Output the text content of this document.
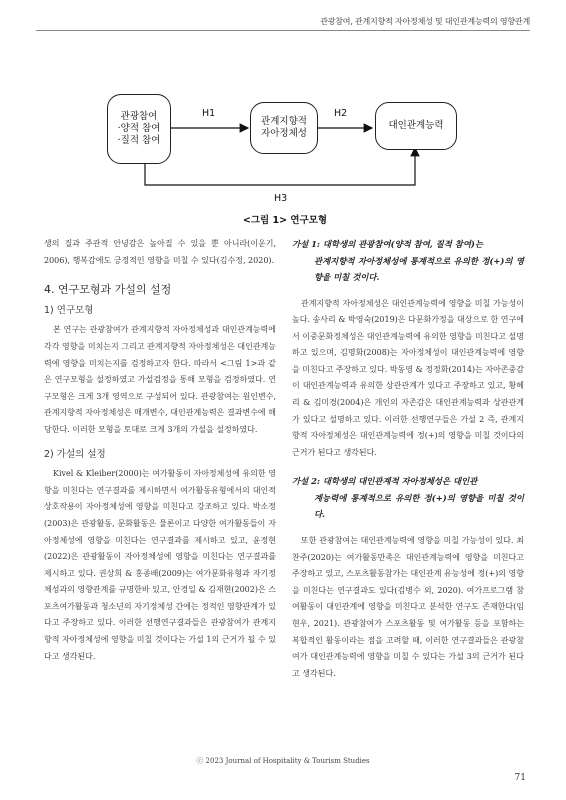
관광참여, 관계지향적 자아정체성 및 대인관계능력의 영향관계
관광참여
·양적 참여
·질적 참여
관계지향적
자아정체성
대인관계능력
H1	H2
H3
<그림 1> 연구모형

생의 질과 주관적 안녕감은 높아질 수 있을 뿐 아니라(이운기, 2006), 행복감에도 긍정적인 영향을 미칠 수 있다(김수정, 2020).

4. 연구모형과 가설의 설정
1) 연구모형

본 연구는 관광참여가 관계지향적 자아정체성과 대인관계능력에 각각 영향을 미치는지 그리고 관계지향적 자아정체성은 대인관계능력에 영향을 미치는지를 검정하고자 한다. 따라서 <그림 1>과 같은 연구모형을 설정하였고 가설검정을 통해 모형을 검정하였다. 연구모형은 크게 3개 영역으로 구성되어 있다. 관광참여는 원인변수, 관계지향적 자아정체성은 매개변수, 대인관계능력은 결과변수에 해당한다. 이러한 모형을 토대로 크게 3개의 가설을 설정하였다.

2) 가설의 설정

Kivel & Kleiber(2000)는 여가활동이 자아정체성에 유의한 영향을 미친다는 연구결과를 제시하면서 여가활동유형에서의 대인적 상호작용이 자아정체성에 영향을 미친다고 강조하고 있다. 박소정(2003)은 관광활동, 문화활동은 물론이고 다양한 여가활동들이 자아정체성에 영향을 미친다는 연구결과를 제시하고 있고, 윤정현(2022)은 관광활동이 자아정체성에 영향을 미친다는 연구결과를 제시하고 있다. 권상희 & 홍종배(2009)는 여가문화유형과 자기정체성과의 영향관계를 규명한바 있고, 안경일 & 김재현(2002)은 스포츠여가활동과 청소년의 자기정체성 간에는 정적인 영향관계가 있다고 주장하고 있다. 이러한 선행연구결과들은 관광참여가 관계지향적 자아정체성에 영향을 미칠 것이다는 가설 1의 근거가 될 수 있다고 생각된다.

가설 1: 대학생의 관광참여(양적 참여, 질적 참여)는
관계지향적 자아정체성에 통계적으로 유의한 정(+)의 영향을 미칠 것이다.

관계지향적 자아정체성은 대인관계능력에 영향을 미칠 가능성이 높다. 송사리 & 박영숙(2019)은 다문화가정을 대상으로 한 연구에서 이중문화정체성은 대인관계능력에 유의한 영향을 미친다고 설명하고 있으며, 김명화(2008)는 자아정체성이 대인관계능력에 영향을 미친다고 주장하고 있다. 박동영 & 정정화(2014)는 자아존중감이 대인관계능력과 유의한 상관관계가 있다고 주장하고 있고, 황혜리 & 김미경(2004)은 개인의 자존감은 대인관계능력과 상관관계가 있다고 설명하고 있다. 이러한 선행연구들은 가설 2 즉, 관계지향적 자아정체성은 대인관계능력에 정(+)의 영향을 미칠 것이다의 근거가 된다고 생각된다.

가설 2: 대학생의 대인관계적 자아정체성은 대인관
계능력에 통계적으로 유의한 정(+)의 영향을 미칠 것이다.

또한 관광참여는 대인관계능력에 영향을 미칠 가능성이 있다. 최찬주(2020)는 여가활동만족은 대인관계능력에 영향을 미친다고 주장하고 있고, 스포츠활동참가는 대인관계 유능성에 정(+)의 영향을 미친다는 연구결과도 있다(김병수 외, 2020). 여가프로그램 참여활동이 대인관계에 영향을 미친다고 분석한 연구도 존재한다(임현우, 2021). 관광참여가 스포츠활동 및 여가활동 등을 포함하는 복합적인 활동이라는 점을 고려할 때, 이러한 연구결과들은 관광참여가 대인관계능력에 영향을 미칠 수 있다는 가설 3의 근거가 된다고 생각된다.

ⓒ 2023 Journal of Hospitality & Tourism Studies
71
